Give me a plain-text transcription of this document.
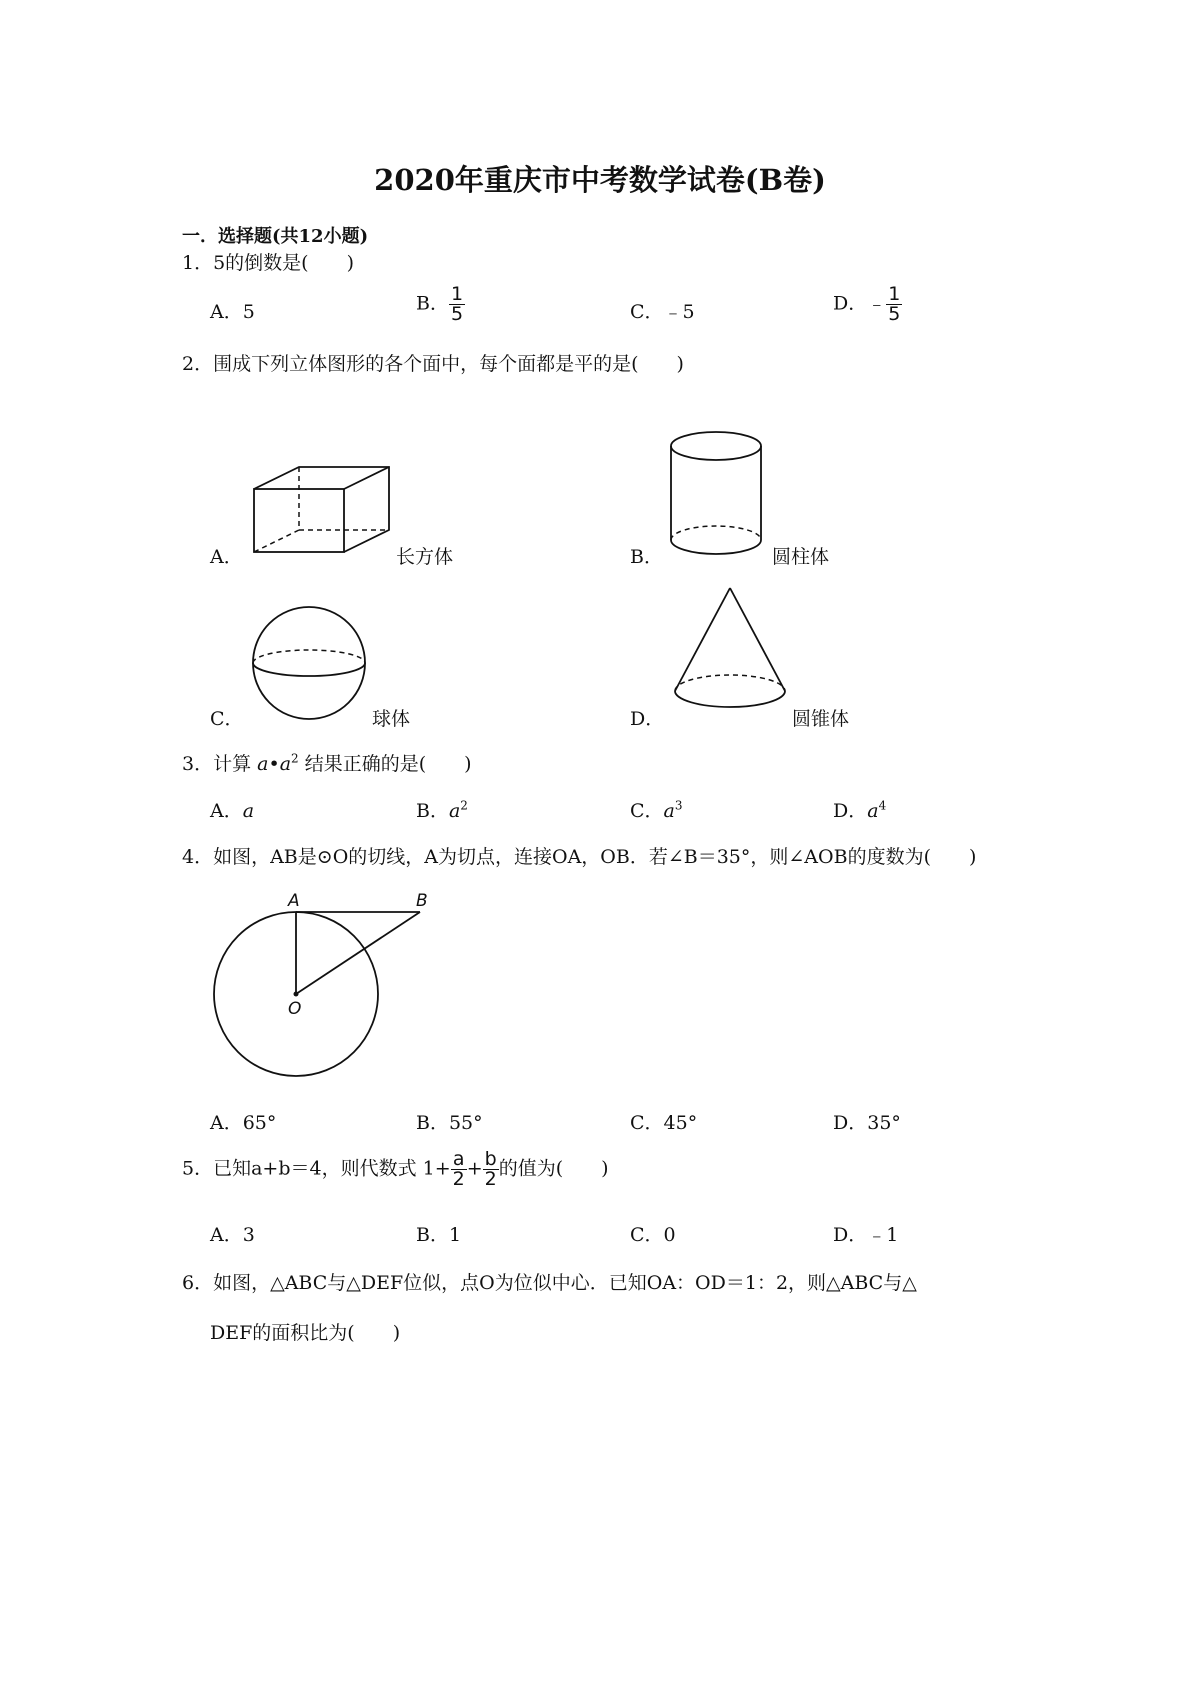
2020年重庆市中考数学试卷(B卷)
一．选择题(共12小题)
1．5的倒数是(　　)
A．5	B． $\frac{1}{5}$	C．﹣5	D．﹣ $\frac{1}{5}$
2．围成下列立体图形的各个面中，每个面都是平的是(　　)
A．	长方体	B．	圆柱体
C．	球体	D．	圆锥体
3．计算 $a•a^2$ 结果正确的是(　　)
A．a	B．$a^2$	C．$a^3$	D．$a^4$
4．如图，AB是⊙O的切线，A为切点，连接OA，OB．若∠B＝35°，则∠AOB的度数为(　　)
A	B
O
A．65°	B．55°	C．45°	D．35°
5．已知a+b＝4，则代数式 $1+ \frac{a}{2} + \frac{b}{2}$ 的值为(　　)
A．3	B．1	C．0	D．﹣1
6．如图，△ABC与△DEF位似，点O为位似中心．已知OA：OD＝1：2，则△ABC与△
DEF的面积比为(　　)
